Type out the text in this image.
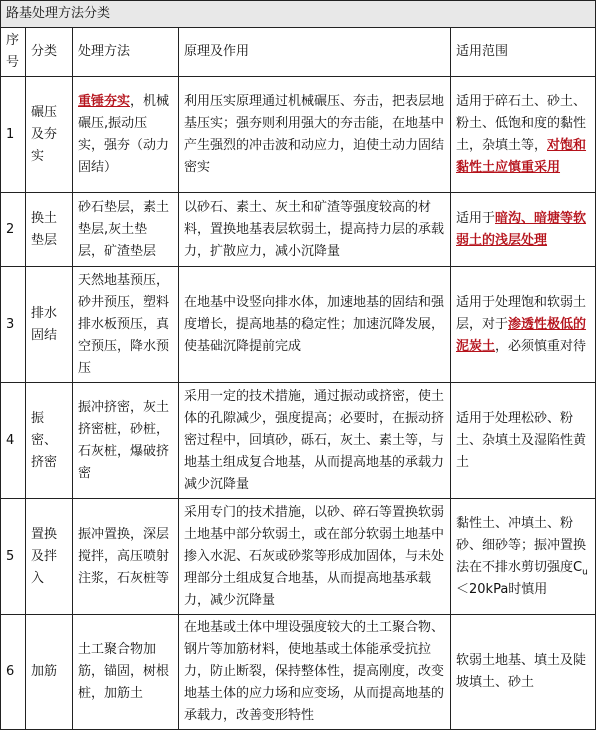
路基处理方法分类				
序号	分类	处理方法	原理及作用	适用范围
1	碾压及夯实	重锤夯实，机械碾压,振动压实，强夯（动力固结）	利用压实原理通过机械碾压、夯击，把表层地基压实；强夯则利用强大的夯击能，在地基中产生强烈的冲击波和动应力，迫使土动力固结密实	适用于碎石土、砂土、粉土、低饱和度的黏性土，杂填土等，对饱和黏性土应慎重采用
2	换土垫层	砂石垫层，素土垫层,灰土垫层，矿渣垫层	以砂石、素土、灰土和矿渣等强度较高的材料，置换地基表层软弱土，提高持力层的承载力，扩散应力，减小沉降量	适用于暗沟、暗塘等软弱土的浅层处理
3	排水固结	天然地基预压，砂井预压，塑料排水板预压，真空预压，降水预压	在地基中设竖向排水体，加速地基的固结和强度增长，提高地基的稳定性；加速沉降发展，使基础沉降提前完成	适用于处理饱和软弱土层，对于渗透性极低的泥炭土，必须慎重对待
4	振密、挤密	振冲挤密，灰土挤密桩，砂桩，石灰桩，爆破挤密	采用一定的技术措施，通过振动或挤密，使土体的孔隙减少，强度提高；必要时，在振动挤密过程中，回填砂，砾石，灰土、素土等，与地基土组成复合地基，从而提高地基的承载力减少沉降量	适用于处理松砂、粉土、杂填土及湿陷性黄土
5	置换及拌入	振冲置换，深层搅拌，高压喷射注浆，石灰桩等	采用专门的技术措施，以砂、碎石等置换软弱土地基中部分软弱土，或在部分软弱土地基中掺入水泥、石灰或砂浆等形成加固体，与未处理部分土组成复合地基，从而提高地基承载力，减少沉降量	黏性土、冲填土、粉砂、细砂等；振冲置换法在不排水剪切强度$C_u<20kPa$时慎用
6	加筋	土工聚合物加筋，锚固，树根桩，加筋土	在地基或土体中埋设强度较大的土工聚合物、钢片等加筋材料，使地基或土体能承受抗拉力，防止断裂，保持整体性，提高刚度，改变地基土体的应力场和应变场，从而提高地基的承载力，改善变形特性	软弱土地基、填土及陡坡填土、砂土
